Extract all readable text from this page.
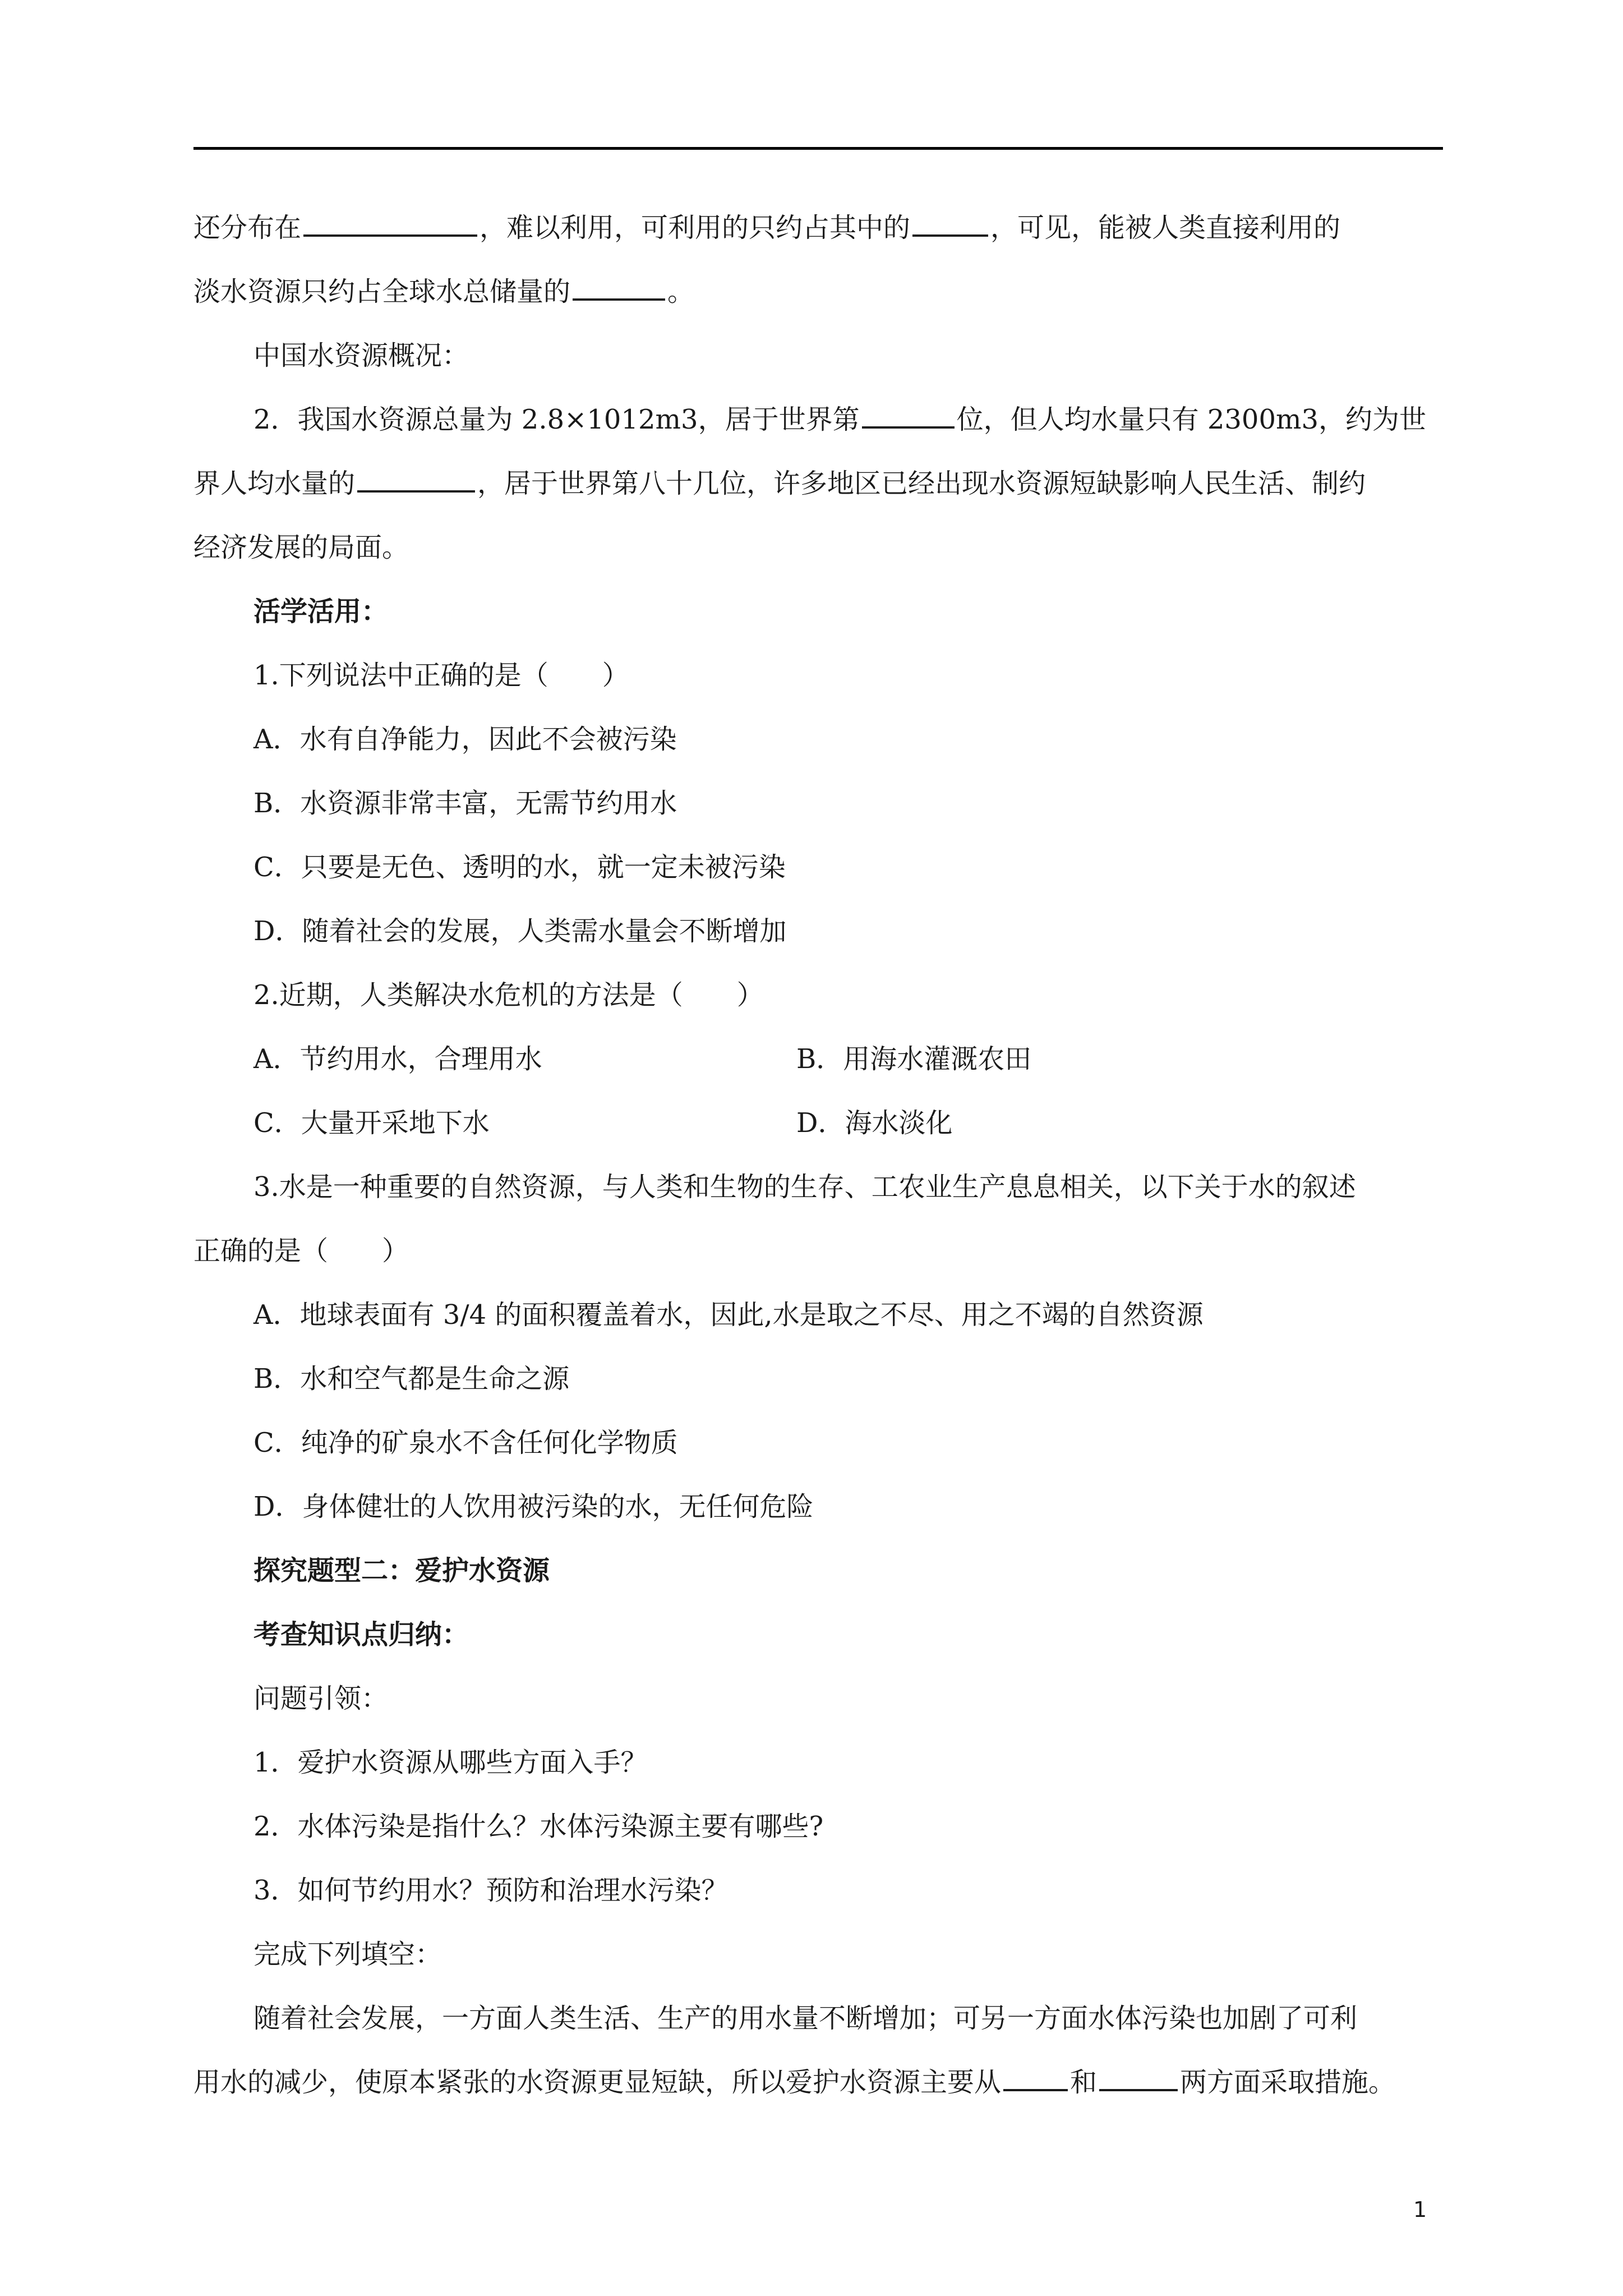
还分布在	，难以利用，可利用的只约占其中的	，可见，能被人类直接利用的
淡水资源只约占全球水总储量的	。
中国水资源概况：
2．我国水资源总量为 2.8×1012m3，居于世界第	位，但人均水量只有 2300m3，约为世
界人均水量的	，居于世界第八十几位，许多地区已经出现水资源短缺影响人民生活、制约
经济发展的局面。
活学活用：
1.下列说法中正确的是（　　）
A．水有自净能力，因此不会被污染
B．水资源非常丰富，无需节约用水
C．只要是无色、透明的水，就一定未被污染
D．随着社会的发展，人类需水量会不断增加
2.近期，人类解决水危机的方法是（　　）
A．节约用水，合理用水	B．用海水灌溉农田
C．大量开采地下水	D．海水淡化
3.水是一种重要的自然资源，与人类和生物的生存、工农业生产息息相关，以下关于水的叙述
正确的是（　　）
A．地球表面有 3/4 的面积覆盖着水，因此,水是取之不尽、用之不竭的自然资源
B．水和空气都是生命之源
C．纯净的矿泉水不含任何化学物质
D．身体健壮的人饮用被污染的水，无任何危险
探究题型二：爱护水资源
考查知识点归纳：
问题引领：
1．爱护水资源从哪些方面入手？
2．水体污染是指什么？水体污染源主要有哪些?
3．如何节约用水？预防和治理水污染？
完成下列填空：
随着社会发展，一方面人类生活、生产的用水量不断增加；可另一方面水体污染也加剧了可利
用水的减少，使原本紧张的水资源更显短缺，所以爱护水资源主要从	和	两方面采取措施。
1
